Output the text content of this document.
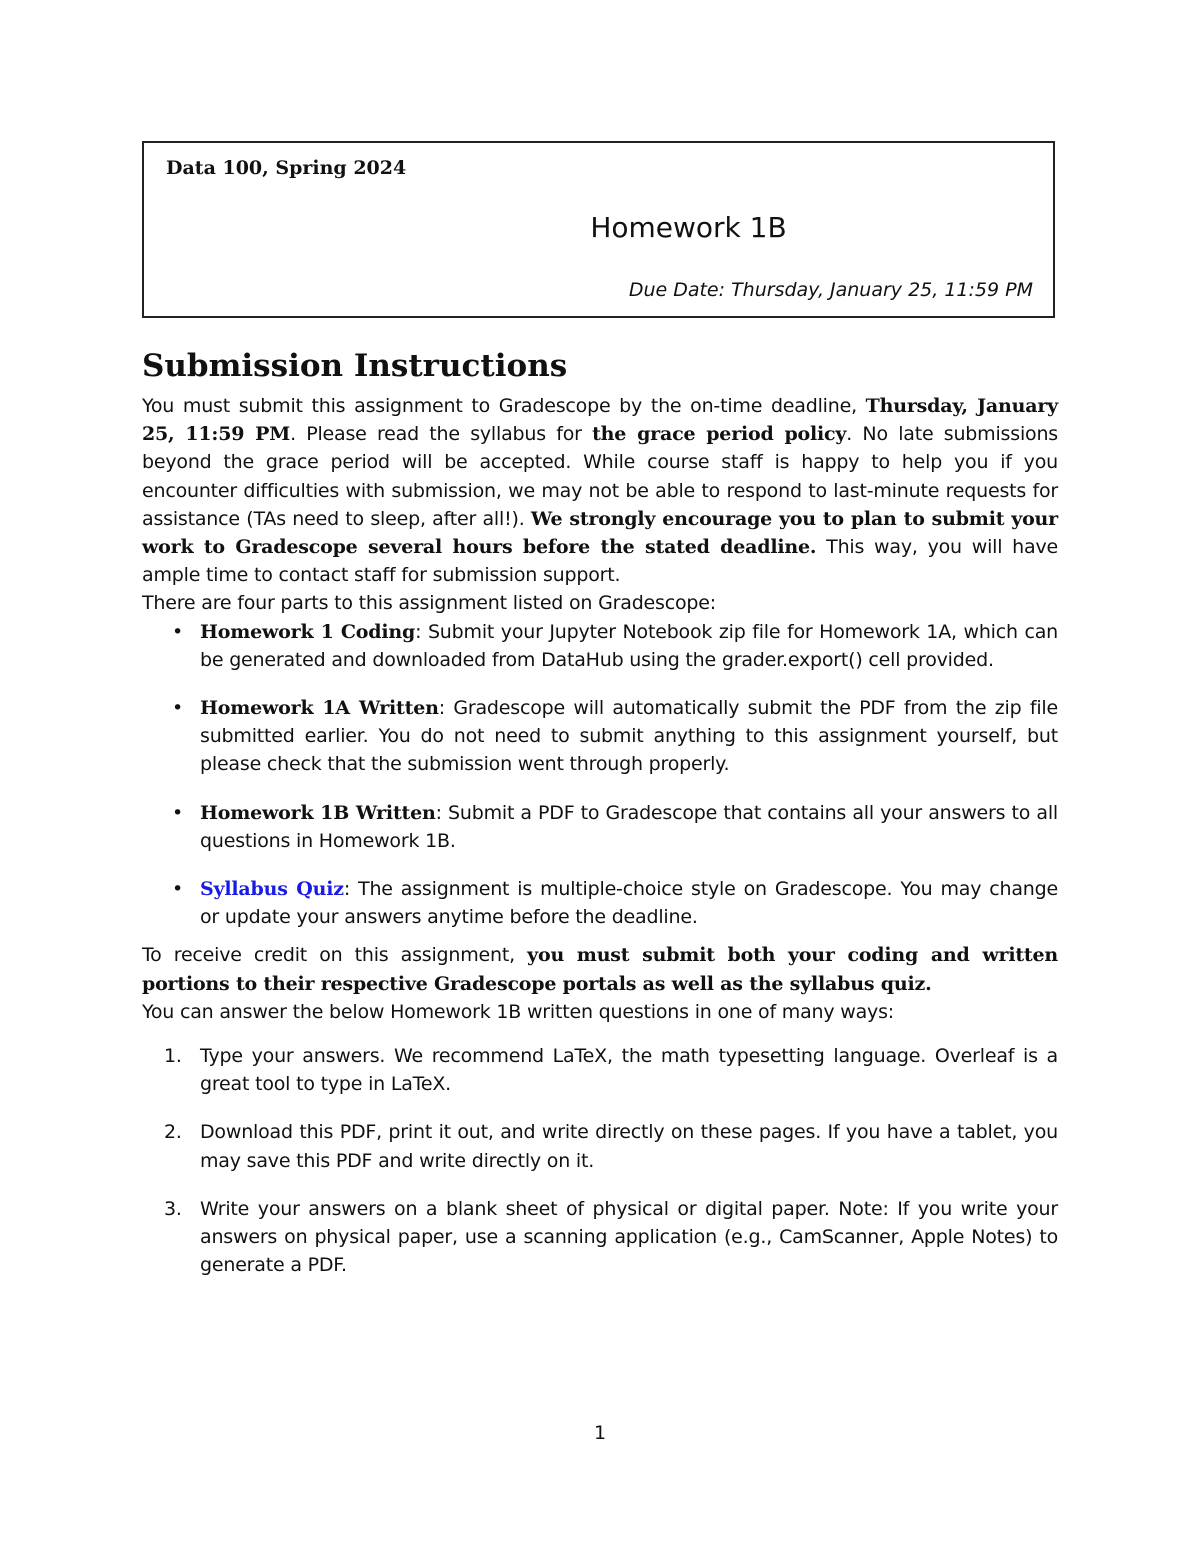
Data 100, Spring 2024
Homework 1B
Due Date: Thursday, January 25, 11:59 PM
Submission Instructions

You must submit this assignment to Gradescope by the on-time deadline, Thursday, January 25, 11:59 PM. Please read the syllabus for the grace period policy. No late submissions beyond the grace period will be accepted. While course staff is happy to help you if you encounter difficulties with submission, we may not be able to respond to last-minute requests for assistance (TAs need to sleep, after all!). We strongly encourage you to plan to submit your work to Gradescope several hours before the stated deadline. This way, you will have ample time to contact staff for submission support.

There are four parts to this assignment listed on Gradescope:

• Homework 1 Coding: Submit your Jupyter Notebook zip file for Homework 1A, which can be generated and downloaded from DataHub using the grader.export() cell provided.
• Homework 1A Written: Gradescope will automatically submit the PDF from the zip file submitted earlier. You do not need to submit anything to this assignment yourself, but please check that the submission went through properly.
• Homework 1B Written: Submit a PDF to Gradescope that contains all your answers to all questions in Homework 1B.
• Syllabus Quiz: The assignment is multiple-choice style on Gradescope. You may change or update your answers anytime before the deadline.

To receive credit on this assignment, you must submit both your coding and written portions to their respective Gradescope portals as well as the syllabus quiz.

You can answer the below Homework 1B written questions in one of many ways:

1. Type your answers. We recommend LaTeX, the math typesetting language. Overleaf is a great tool to type in LaTeX.
2. Download this PDF, print it out, and write directly on these pages. If you have a tablet, you may save this PDF and write directly on it.
3. Write your answers on a blank sheet of physical or digital paper. Note: If you write your answers on physical paper, use a scanning application (e.g., CamScanner, Apple Notes) to generate a PDF.
1
